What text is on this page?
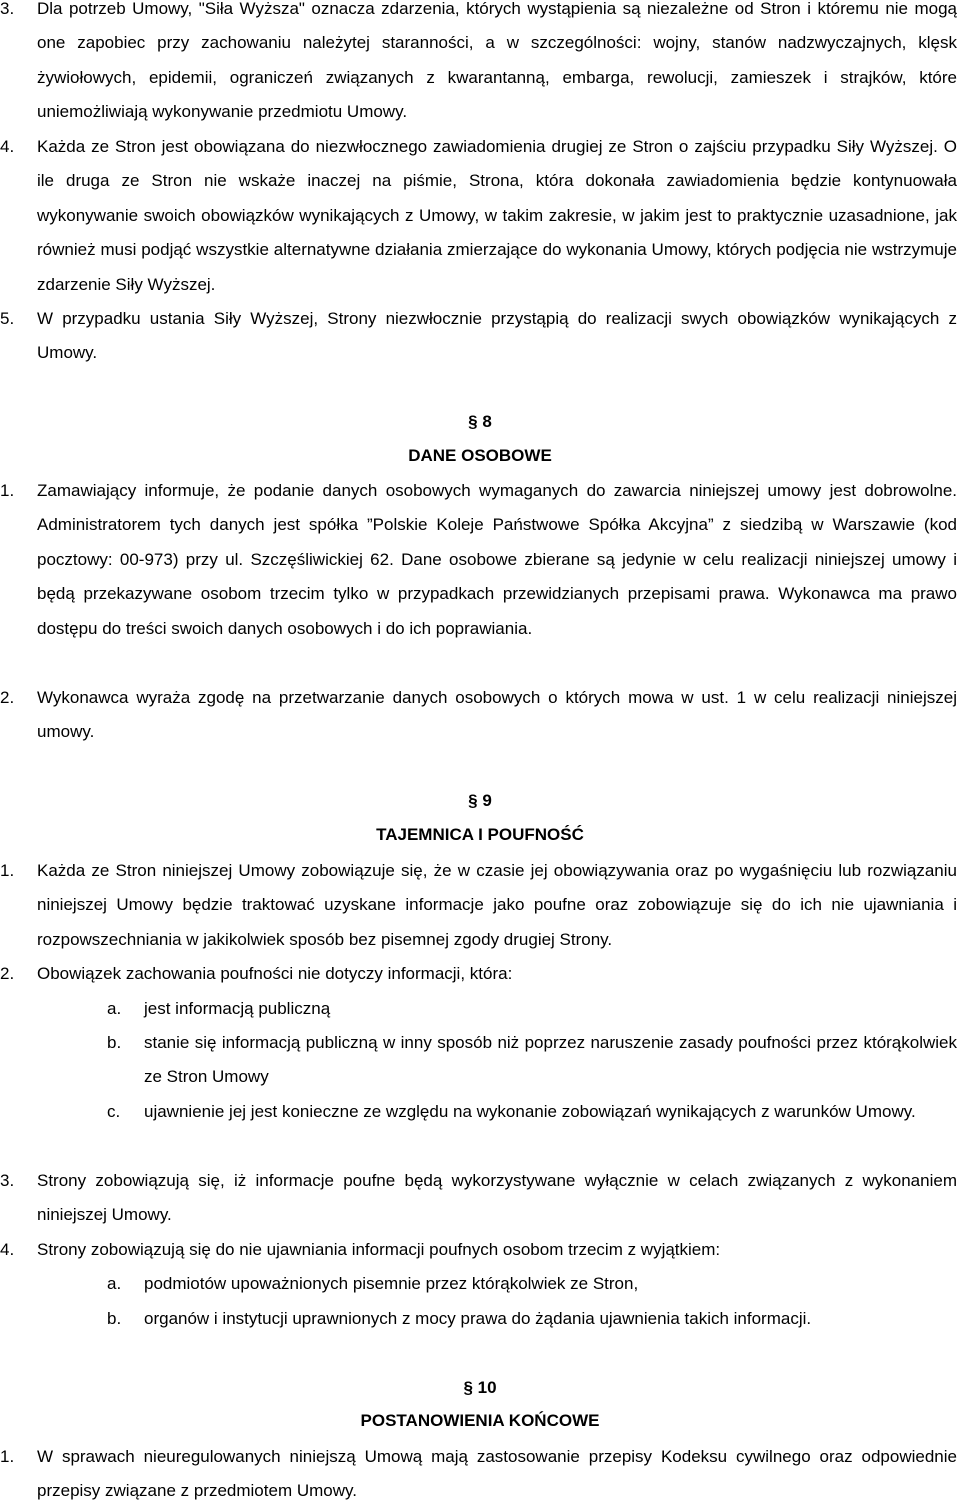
3. Dla potrzeb Umowy, "Siła Wyższa" oznacza zdarzenia, których wystąpienia są niezależne od Stron i któremu nie mogą one zapobiec przy zachowaniu należytej staranności, a w szczególności: wojny, stanów nadzwyczajnych, klęsk żywiołowych, epidemii, ograniczeń związanych z kwarantanną, embarga, rewolucji, zamieszek i strajków, które uniemożliwiają wykonywanie przedmiotu Umowy.
4. Każda ze Stron jest obowiązana do niezwłocznego zawiadomienia drugiej ze Stron o zajściu przypadku Siły Wyższej. O ile druga ze Stron nie wskaże inaczej na piśmie, Strona, która dokonała zawiadomienia będzie kontynuowała wykonywanie swoich obowiązków wynikających z Umowy, w takim zakresie, w jakim jest to praktycznie uzasadnione, jak również musi podjąć wszystkie alternatywne działania zmierzające do wykonania Umowy, których podjęcia nie wstrzymuje zdarzenie Siły Wyższej.
5. W przypadku ustania Siły Wyższej, Strony niezwłocznie przystąpią do realizacji swych obowiązków wynikających z Umowy.
§ 8
DANE OSOBOWE
1. Zamawiający informuje, że podanie danych osobowych wymaganych do zawarcia niniejszej umowy jest dobrowolne. Administratorem tych danych jest spółka ”Polskie Koleje Państwowe Spółka Akcyjna” z siedzibą w Warszawie (kod pocztowy: 00-973) przy ul. Szczęśliwickiej 62. Dane osobowe zbierane są jedynie w celu realizacji niniejszej umowy i będą przekazywane osobom trzecim tylko w przypadkach przewidzianych przepisami prawa. Wykonawca ma prawo dostępu do treści swoich danych osobowych i do ich poprawiania.
2. Wykonawca wyraża zgodę na przetwarzanie danych osobowych o których mowa w ust. 1 w celu realizacji niniejszej umowy.
§ 9
TAJEMNICA I POUFNOŚĆ
1. Każda ze Stron niniejszej Umowy zobowiązuje się, że w czasie jej obowiązywania oraz po wygaśnięciu lub rozwiązaniu niniejszej Umowy będzie traktować uzyskane informacje jako poufne oraz zobowiązuje się do ich nie ujawniania i rozpowszechniania w jakikolwiek sposób bez pisemnej zgody drugiej Strony.
2. Obowiązek zachowania poufności nie dotyczy informacji, która:
a. jest informacją publiczną
b. stanie się informacją publiczną w inny sposób niż poprzez naruszenie zasady poufności przez którąkolwiek ze Stron Umowy
c. ujawnienie jej jest konieczne ze względu na wykonanie zobowiązań wynikających z warunków Umowy.
3. Strony zobowiązują się, iż informacje poufne będą wykorzystywane wyłącznie w celach związanych z wykonaniem niniejszej Umowy.
4. Strony zobowiązują się do nie ujawniania informacji poufnych osobom trzecim z wyjątkiem:
a. podmiotów upoważnionych pisemnie przez którąkolwiek ze Stron,
b. organów i instytucji uprawnionych z mocy prawa do żądania ujawnienia takich informacji.
§ 10
POSTANOWIENIA KOŃCOWE
1. W sprawach nieuregulowanych niniejszą Umową mają zastosowanie przepisy Kodeksu cywilnego oraz odpowiednie przepisy związane z przedmiotem Umowy.
